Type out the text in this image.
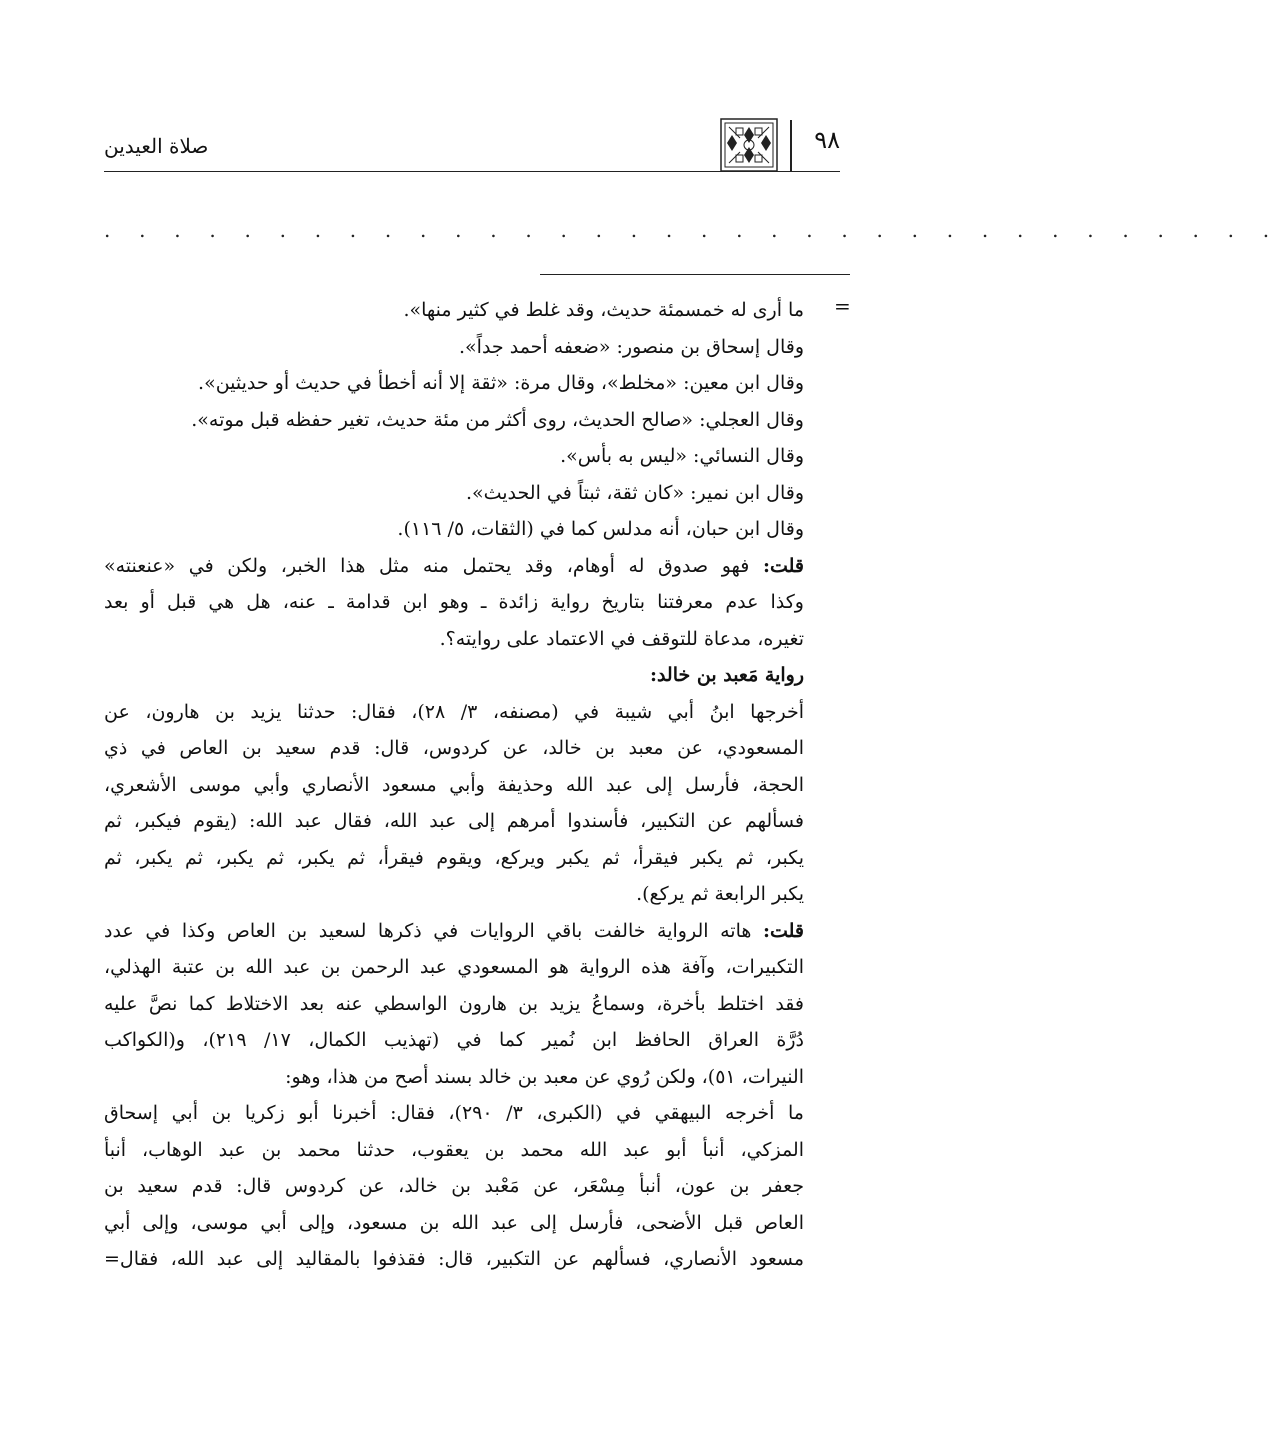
٩٨
صلاة العيدين
. . . . . . . . . . . . . . . . . . . . . . . . . . . . . . . . . .
=
ما أرى له خمسمئة حديث، وقد غلط في كثير منها».
وقال إسحاق بن منصور: «ضعفه أحمد جداً».
وقال ابن معين: «مخلط»، وقال مرة: «ثقة إلا أنه أخطأ في حديث أو حديثين».
وقال العجلي: «صالح الحديث، روى أكثر من مئة حديث، تغير حفظه قبل موته».
وقال النسائي: «ليس به بأس».
وقال ابن نمير: «كان ثقة، ثبتاً في الحديث».
وقال ابن حبان، أنه مدلس كما في (الثقات، ٥/ ١١٦).
قلت: فهو صدوق له أوهام، وقد يحتمل منه مثل هذا الخبر، ولكن في «عنعنته»
وكذا عدم معرفتنا بتاريخ رواية زائدة ـ وهو ابن قدامة ـ عنه، هل هي قبل أو بعد
تغيره، مدعاة للتوقف في الاعتماد على روايته؟.
رواية مَعبد بن خالد:
أخرجها ابنُ أبي شيبة في (مصنفه، ٣/ ٢٨)، فقال: حدثنا يزيد بن هارون، عن
المسعودي، عن معبد بن خالد، عن كردوس، قال: قدم سعيد بن العاص في ذي
الحجة، فأرسل إلى عبد الله وحذيفة وأبي مسعود الأنصاري وأبي موسى الأشعري،
فسألهم عن التكبير، فأسندوا أمرهم إلى عبد الله، فقال عبد الله: (يقوم فيكبر، ثم
يكبر، ثم يكبر فيقرأ، ثم يكبر ويركع، ويقوم فيقرأ، ثم يكبر، ثم يكبر، ثم يكبر، ثم
يكبر الرابعة ثم يركع).
قلت: هاته الرواية خالفت باقي الروايات في ذكرها لسعيد بن العاص وكذا في عدد
التكبيرات، وآفة هذه الرواية هو المسعودي عبد الرحمن بن عبد الله بن عتبة الهذلي،
فقد اختلط بأخرة، وسماعُ يزيد بن هارون الواسطي عنه بعد الاختلاط كما نصَّ عليه
دُرَّة العراق الحافظ ابن نُمير كما في (تهذيب الكمال، ١٧/ ٢١٩)، و(الكواكب
النيرات، ٥١)، ولكن رُوي عن معبد بن خالد بسند أصح من هذا، وهو:
ما أخرجه البيهقي في (الكبرى، ٣/ ٢٩٠)، فقال: أخبرنا أبو زكريا بن أبي إسحاق
المزكي، أنبأ أبو عبد الله محمد بن يعقوب، حدثنا محمد بن عبد الوهاب، أنبأ
جعفر بن عون، أنبأ مِسْعَر، عن مَعْبد بن خالد، عن كردوس قال: قدم سعيد بن
العاص قبل الأضحى، فأرسل إلى عبد الله بن مسعود، وإلى أبي موسى، وإلى أبي
مسعود الأنصاري، فسألهم عن التكبير، قال: فقذفوا بالمقاليد إلى عبد الله، فقال=
